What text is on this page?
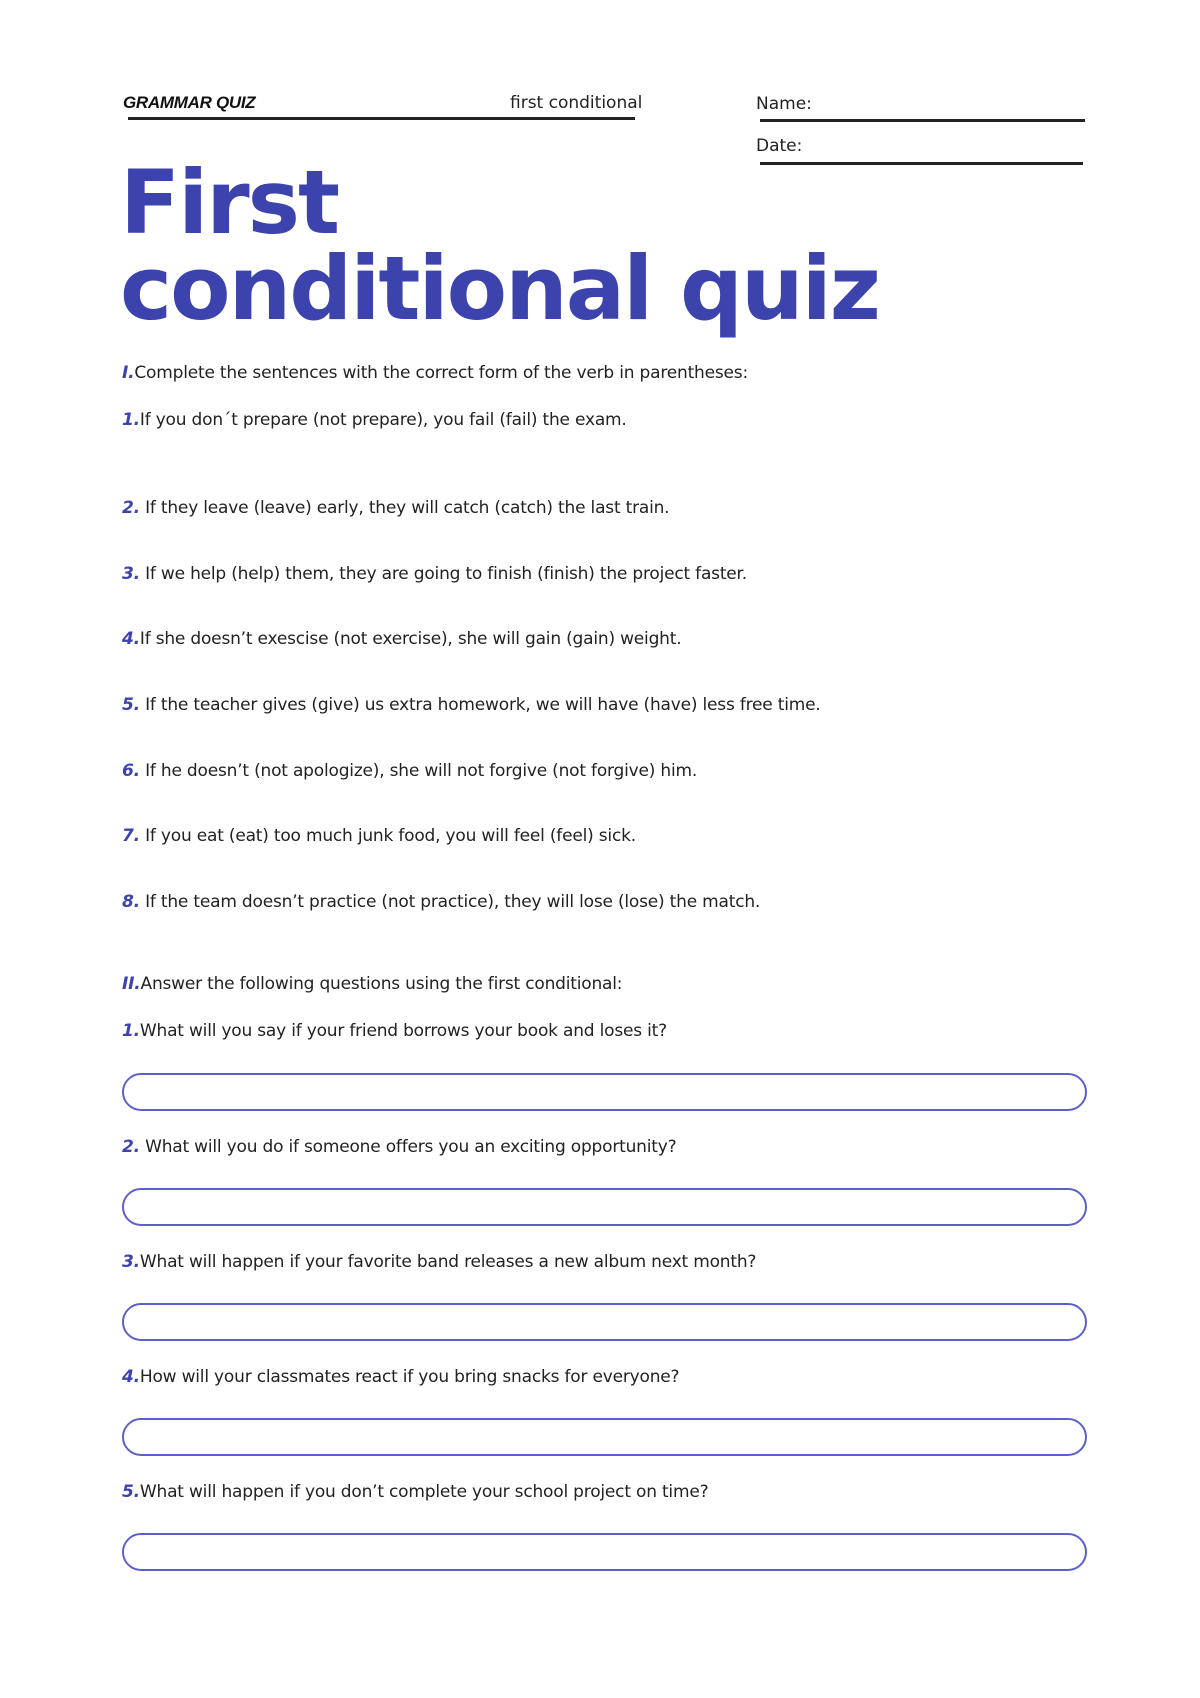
GRAMMAR QUIZ	first conditional	Name:
Date:
First
conditional quiz
I.Complete the sentences with the correct form of the verb in parentheses:
1.If you don´t prepare (not prepare), you fail (fail) the exam.
2. If they leave (leave) early, they will catch (catch) the last train.
3. If we help (help) them, they are going to finish (finish) the project faster.
4.If she doesn’t exescise (not exercise), she will gain (gain) weight.
5. If the teacher gives (give) us extra homework, we will have (have) less free time.
6. If he doesn’t (not apologize), she will not forgive (not forgive) him.
7. If you eat (eat) too much junk food, you will feel (feel) sick.
8. If the team doesn’t practice (not practice), they will lose (lose) the match.
II.Answer the following questions using the first conditional:
1.What will you say if your friend borrows your book and loses it?
2. What will you do if someone offers you an exciting opportunity?
3.What will happen if your favorite band releases a new album next month?
4.How will your classmates react if you bring snacks for everyone?
5.What will happen if you don’t complete your school project on time?
